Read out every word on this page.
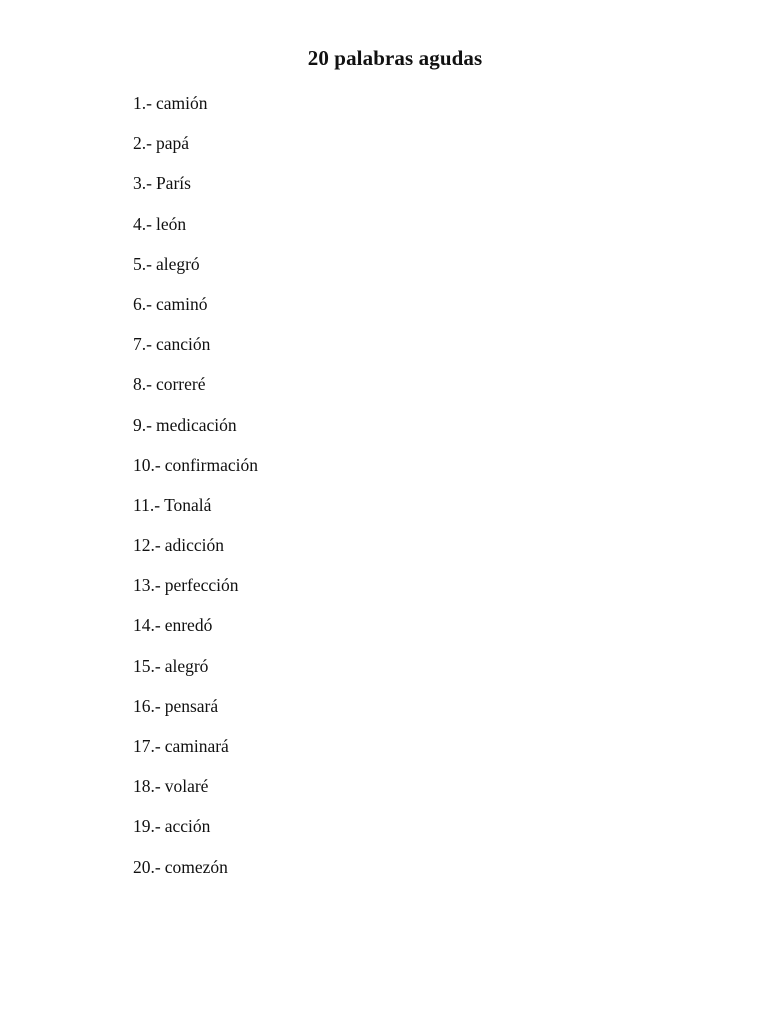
20 palabras agudas
1.- camión
2.- papá
3.- París
4.- león
5.- alegró
6.- caminó
7.- canción
8.- correré
9.- medicación
10.- confirmación
11.- Tonalá
12.- adicción
13.- perfección
14.- enredó
15.- alegró
16.- pensará
17.- caminará
18.- volaré
19.- acción
20.- comezón
